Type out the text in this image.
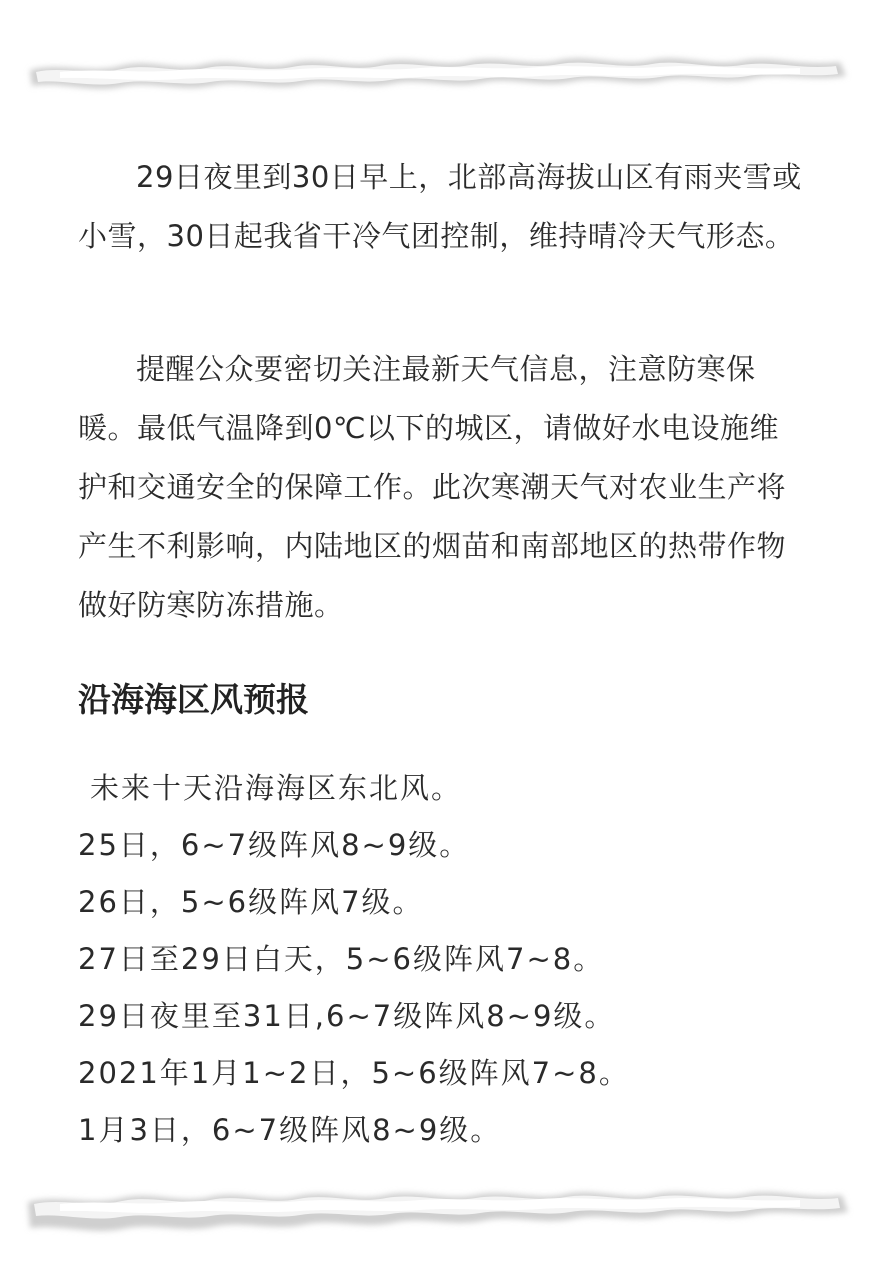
29日夜里到30日早上，北部高海拔山区有雨夹雪或小雪，30日起我省干冷气团控制，维持晴冷天气形态。

提醒公众要密切关注最新天气信息，注意防寒保暖。最低气温降到0℃以下的城区，请做好水电设施维护和交通安全的保障工作。此次寒潮天气对农业生产将产生不利影响，内陆地区的烟苗和南部地区的热带作物做好防寒防冻措施。

沿海海区风预报
未来十天沿海海区东北风。
25日，6~7级阵风8~9级。
26日，5~6级阵风7级。
27日至29日白天，5~6级阵风7~8。
29日夜里至31日,6~7级阵风8~9级。
2021年1月1~2日，5~6级阵风7~8。
1月3日，6~7级阵风8~9级。
